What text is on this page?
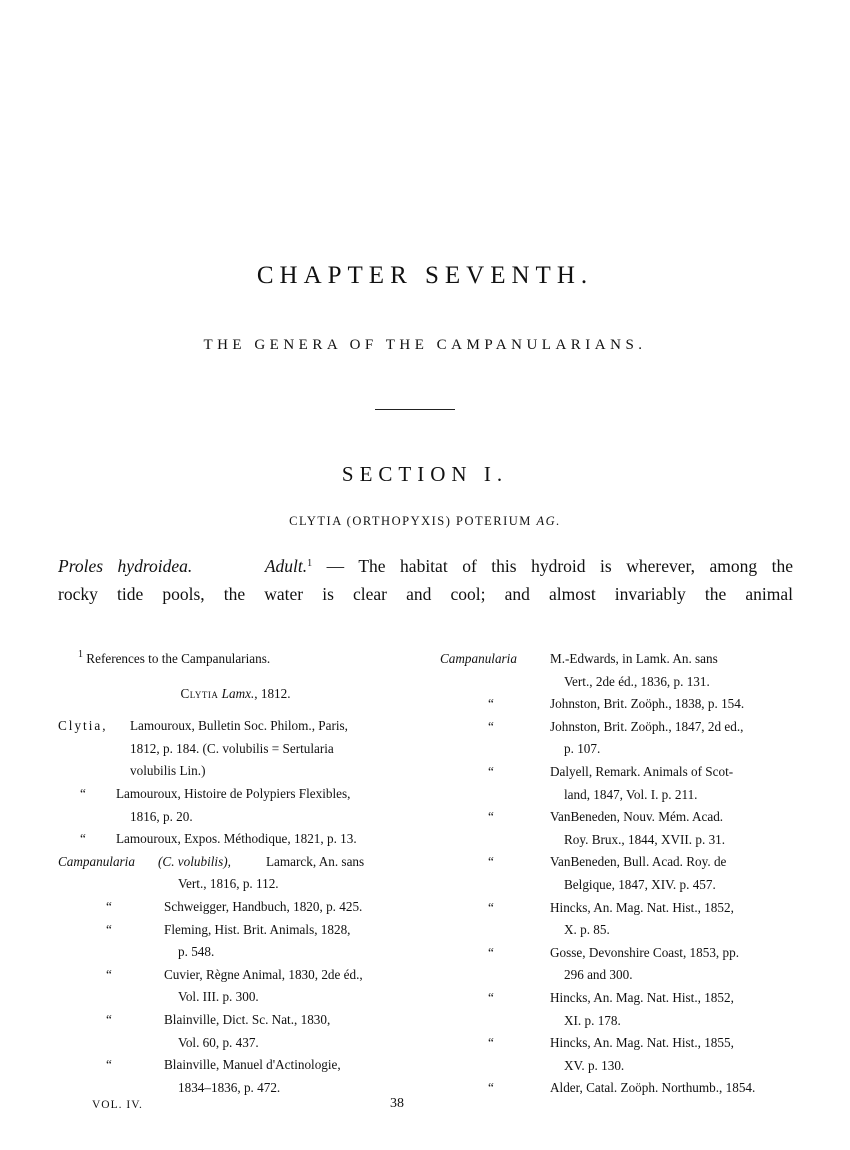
CHAPTER SEVENTH.
THE GENERA OF THE CAMPANULARIANS.
SECTION I.
CLYTIA (ORTHOPYXIS) POTERIUM AG.
Proles hydroidea.	Adult.$^1$ — The habitat of this hydroid is wherever, among the
rocky tide pools, the water is clear and cool; and almost invariably the animal
$^1$ References to the Campanularians.
Clytia Lamx., 1812.
Clytia,	Lamouroux, Bulletin Soc. Philom., Paris,
1812, p. 184. (C. volubilis = Sertularia
volubilis Lin.)
“	Lamouroux, Histoire de Polypiers Flexibles,
1816, p. 20.
“	Lamouroux, Expos. Méthodique, 1821, p. 13.
Campanularia (C. volubilis),	Lamarck, An. sans
Vert., 1816, p. 112.
“	Schweigger, Handbuch, 1820, p. 425.
“	Fleming, Hist. Brit. Animals, 1828,
p. 548.
“	Cuvier, Règne Animal, 1830, 2de éd.,
Vol. III. p. 300.
“	Blainville, Dict. Sc. Nat., 1830,
Vol. 60, p. 437.
“	Blainville, Manuel d'Actinologie,
1834–1836, p. 472.
Campanularia	M.-Edwards, in Lamk. An. sans
Vert., 2de éd., 1836, p. 131.
“	Johnston, Brit. Zoöph., 1838, p. 154.
“	Johnston, Brit. Zoöph., 1847, 2d ed.,
p. 107.
“	Dalyell, Remark. Animals of Scot-
land, 1847, Vol. I. p. 211.
“	VanBeneden, Nouv. Mém. Acad.
Roy. Brux., 1844, XVII. p. 31.
“	VanBeneden, Bull. Acad. Roy. de
Belgique, 1847, XIV. p. 457.
“	Hincks, An. Mag. Nat. Hist., 1852,
X. p. 85.
“	Gosse, Devonshire Coast, 1853, pp.
296 and 300.
“	Hincks, An. Mag. Nat. Hist., 1852,
XI. p. 178.
“	Hincks, An. Mag. Nat. Hist., 1855,
XV. p. 130.
“	Alder, Catal. Zoöph. Northumb., 1854.
VOL. IV.	38
